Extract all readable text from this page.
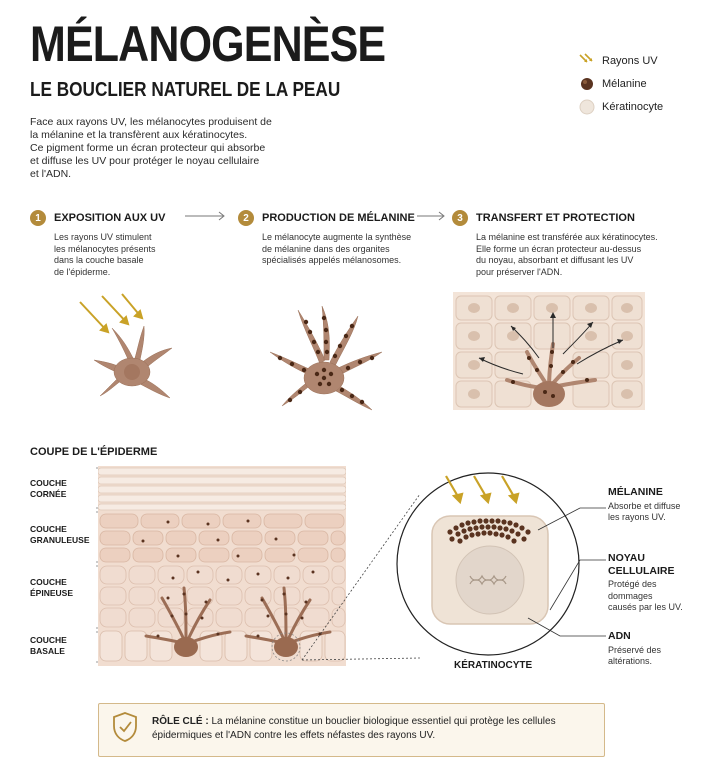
MÉLANOGENÈSE
LE BOUCLIER NATUREL DE LA PEAU
Face aux rayons UV, les mélanocytes produisent de
la mélanine et la transfèrent aux kératinocytes.
Ce pigment forme un écran protecteur qui absorbe
et diffuse les UV pour protéger le noyau cellulaire
et l'ADN.
Rayons UV
Mélanine
Kératinocyte
1	EXPOSITION AUX UV
Les rayons UV stimulent
les mélanocytes présents
dans la couche basale
de l'épiderme.
2	PRODUCTION DE MÉLANINE
Le mélanocyte augmente la synthèse
de mélanine dans des organites
spécialisés appelés mélanosomes.
3	TRANSFERT ET PROTECTION
La mélanine est transférée aux kératinocytes.
Elle forme un écran protecteur au-dessus
du noyau, absorbant et diffusant les UV
pour préserver l'ADN.
COUPE DE L'ÉPIDERME
COUCHE
CORNÉE
COUCHE
GRANULEUSE
COUCHE
ÉPINEUSE
COUCHE
BASALE
KÉRATINOCYTE
MÉLANINE
Absorbe et diffuse
les rayons UV.
NOYAU
CELLULAIRE
Protégé des
dommages
causés par les UV.
ADN
Préservé des
altérations.
RÔLE CLÉ : La mélanine constitue un bouclier biologique essentiel qui protège les cellules épidermiques et l'ADN contre les effets néfastes des rayons UV.
